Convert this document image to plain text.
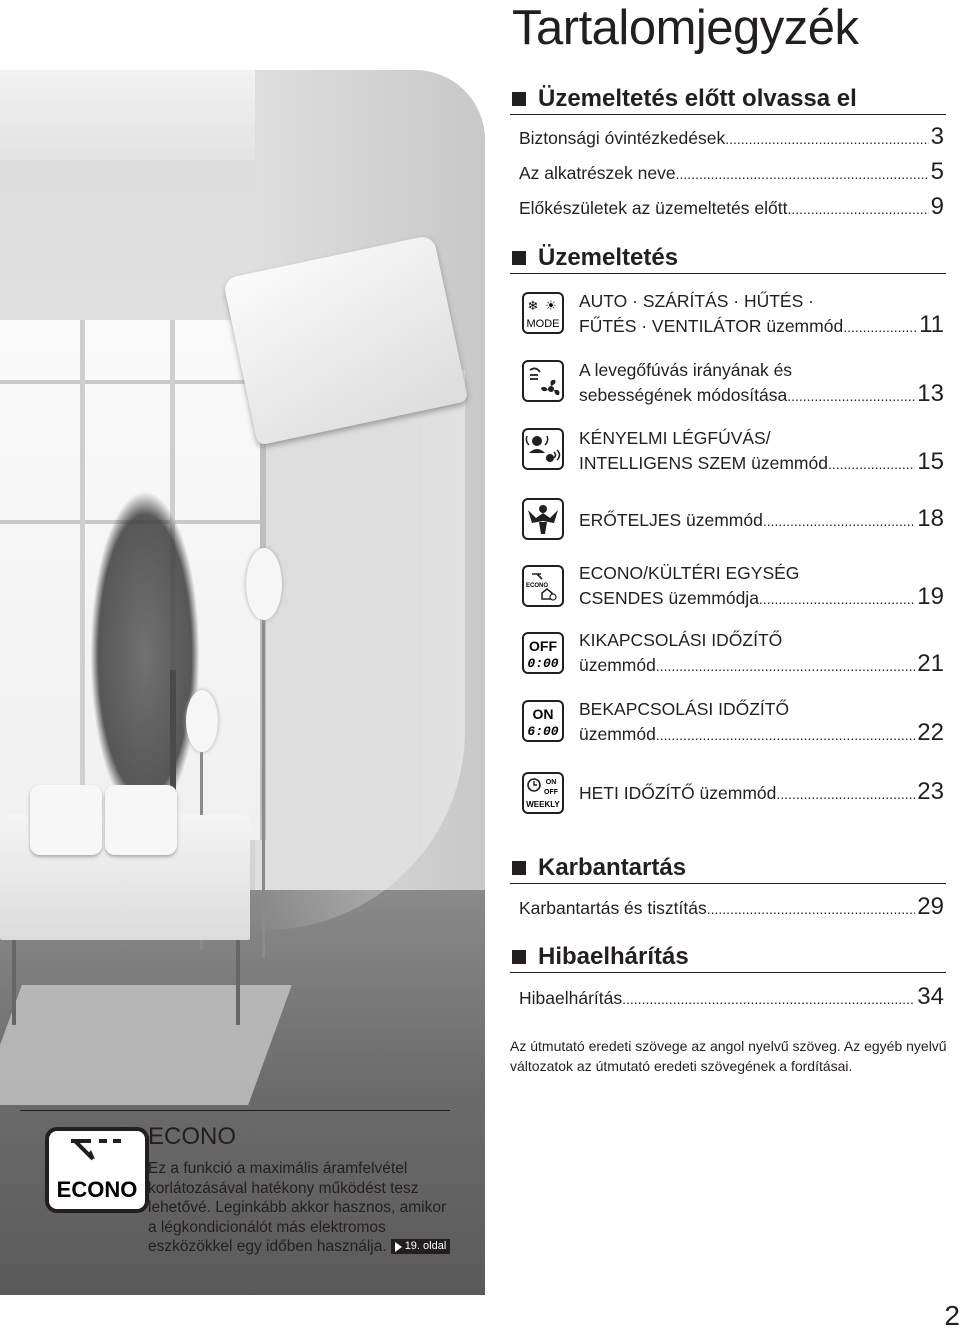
Tartalomjegyzék
Üzemeltetés előtt olvassa el
Biztonsági óvintézkedések .....	3
Az alkatrészek neve .....	5
Előkészületek az üzemeltetés előtt .....	9
Üzemeltetés
❄ ☀
MODE
ECONO
OFF
0:00
ON
6:00
ON
OFF
WEEKLY
AUTO · SZÁRÍTÁS · HŰTÉS ·
FŰTÉS · VENTILÁTOR üzemmód .....	11
A levegőfúvás irányának és
sebességének módosítása .....	13
KÉNYELMI LÉGFÚVÁS/
INTELLIGENS SZEM üzemmód .....	15
ERŐTELJES üzemmód .....	18
ECONO/KÜLTÉRI EGYSÉG
CSENDES üzemmódja .....	19
KIKAPCSOLÁSI IDŐZÍTŐ
üzemmód .....	21
BEKAPCSOLÁSI IDŐZÍTŐ
üzemmód .....	22
HETI IDŐZÍTŐ üzemmód .....	23
Karbantartás
Karbantartás és tisztítás .....	29
Hibaelhárítás
Hibaelhárítás .....	34
Az útmutató eredeti szövege az angol nyelvű szöveg. Az egyéb nyelvű változatok az útmutató eredeti szövegének a fordításai.
ECONO
ECONO
Ez a funkció a maximális áramfelvétel korlátozásával hatékony működést tesz lehetővé. Leginkább akkor hasznos, amikor a légkondicionálót más elektromos eszközökkel egy időben használja. 19. oldal
2
